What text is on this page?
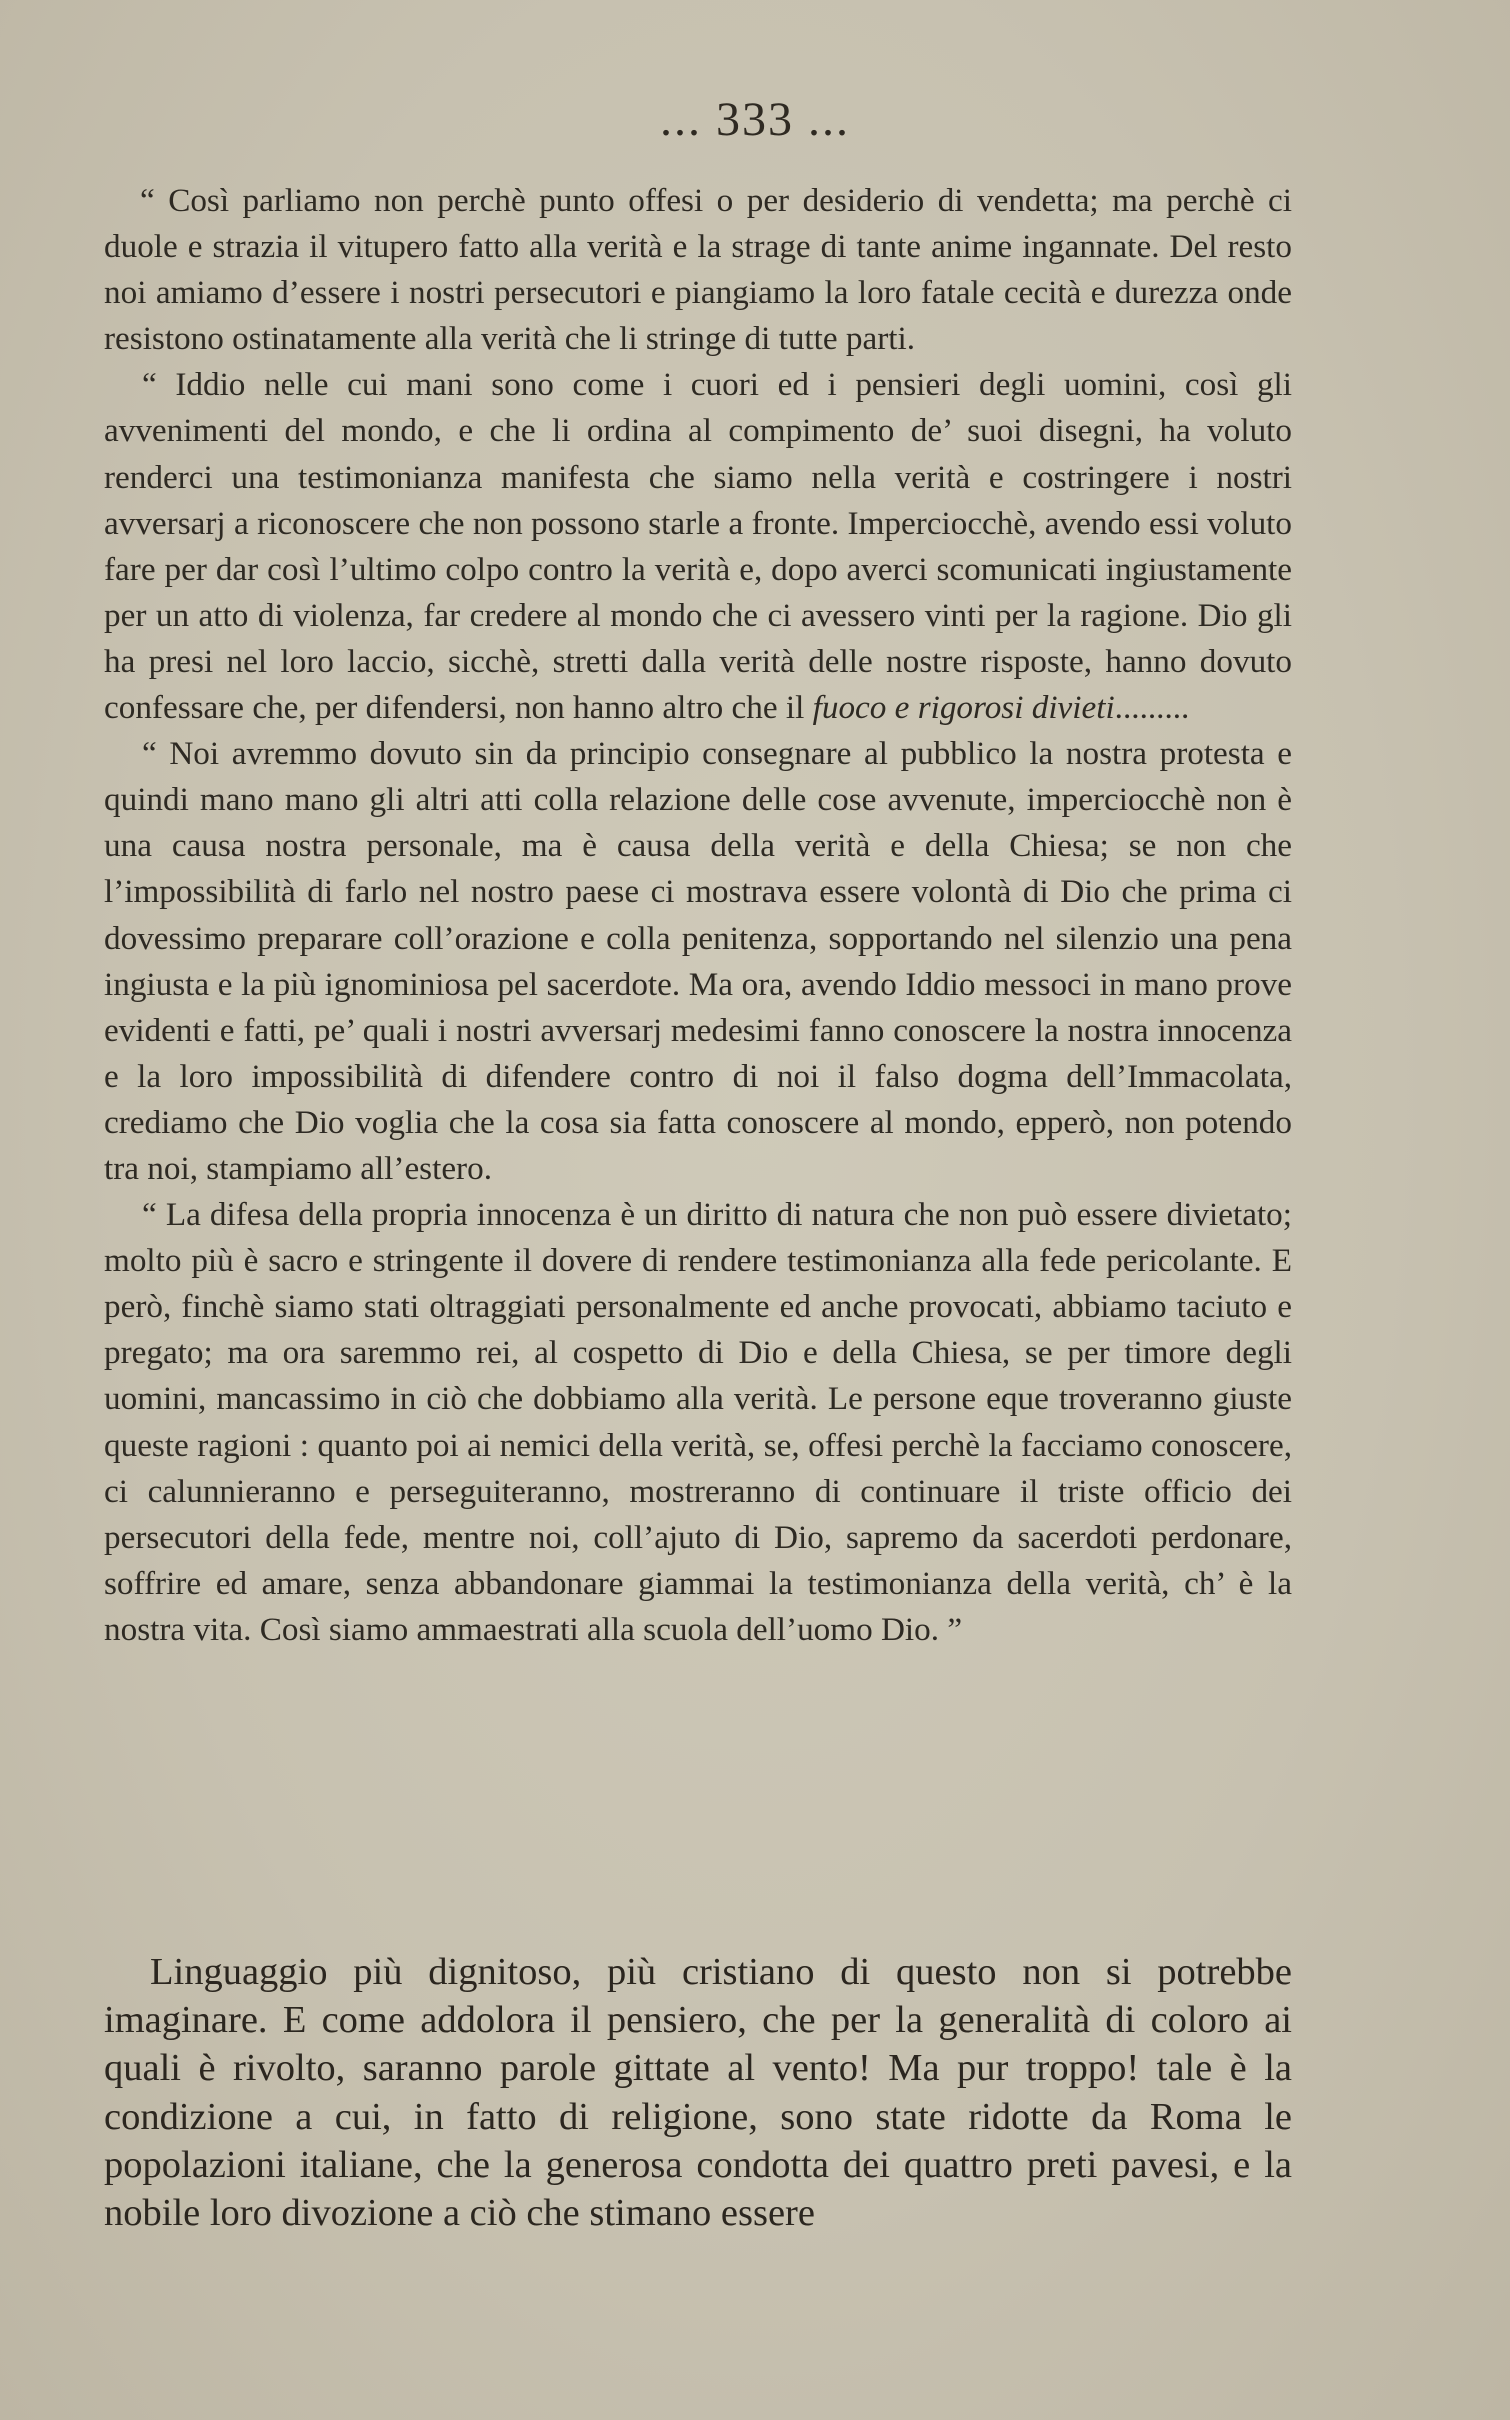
... 333 ...

“ Così parliamo non perchè punto offesi o per desiderio di vendetta; ma perchè ci duole e strazia il vitupero fatto alla verità e la strage di tante anime ingannate. Del resto noi amiamo d’essere i nostri persecutori e piangiamo la loro fatale cecità e durezza onde resistono ostinatamente alla verità che li stringe di tutte parti.

“ Iddio nelle cui mani sono come i cuori ed i pensieri degli uomini, così gli avvenimenti del mondo, e che li ordina al compimento de’ suoi disegni, ha voluto renderci una testimonianza manifesta che siamo nella verità e costringere i nostri avversarj a riconoscere che non possono starle a fronte. Imperciocchè, avendo essi voluto fare per dar così l’ultimo colpo contro la verità e, dopo averci scomunicati ingiustamente per un atto di violenza, far credere al mondo che ci avessero vinti per la ragione. Dio gli ha presi nel loro laccio, sicchè, stretti dalla verità delle nostre risposte, hanno dovuto confessare che, per difendersi, non hanno altro che il fuoco e rigorosi divieti.........

“ Noi avremmo dovuto sin da principio consegnare al pubblico la nostra protesta e quindi mano mano gli altri atti colla relazione delle cose avvenute, imperciocchè non è una causa nostra personale, ma è causa della verità e della Chiesa; se non che l’impossibilità di farlo nel nostro paese ci mostrava essere volontà di Dio che prima ci dovessimo preparare coll’orazione e colla penitenza, sopportando nel silenzio una pena ingiusta e la più ignominiosa pel sacerdote. Ma ora, avendo Iddio messoci in mano prove evidenti e fatti, pe’ quali i nostri avversarj medesimi fanno conoscere la nostra innocenza e la loro impossibilità di difendere contro di noi il falso dogma dell’Immacolata, crediamo che Dio voglia che la cosa sia fatta conoscere al mondo, epperò, non potendo tra noi, stampiamo all’estero.

“ La difesa della propria innocenza è un diritto di natura che non può essere divietato; molto più è sacro e stringente il dovere di rendere testimonianza alla fede pericolante. E però, finchè siamo stati oltraggiati personalmente ed anche provocati, abbiamo taciuto e pregato; ma ora saremmo rei, al cospetto di Dio e della Chiesa, se per timore degli uomini, mancassimo in ciò che dobbiamo alla verità. Le persone eque troveranno giuste queste ragioni : quanto poi ai nemici della verità, se, offesi perchè la facciamo conoscere, ci calunnieranno e perseguiteranno, mostreranno di continuare il triste officio dei persecutori della fede, mentre noi, coll’ajuto di Dio, sapremo da sacerdoti perdonare, soffrire ed amare, senza abbandonare giammai la testimonianza della verità, ch’ è la nostra vita. Così siamo ammaestrati alla scuola dell’uomo Dio. ”

Linguaggio più dignitoso, più cristiano di questo non si potrebbe imaginare. E come addolora il pensiero, che per la generalità di coloro ai quali è rivolto, saranno parole gittate al vento! Ma pur troppo! tale è la condizione a cui, in fatto di religione, sono state ridotte da Roma le popolazioni italiane, che la generosa condotta dei quattro preti pavesi, e la nobile loro divozione a ciò che stimano essere
